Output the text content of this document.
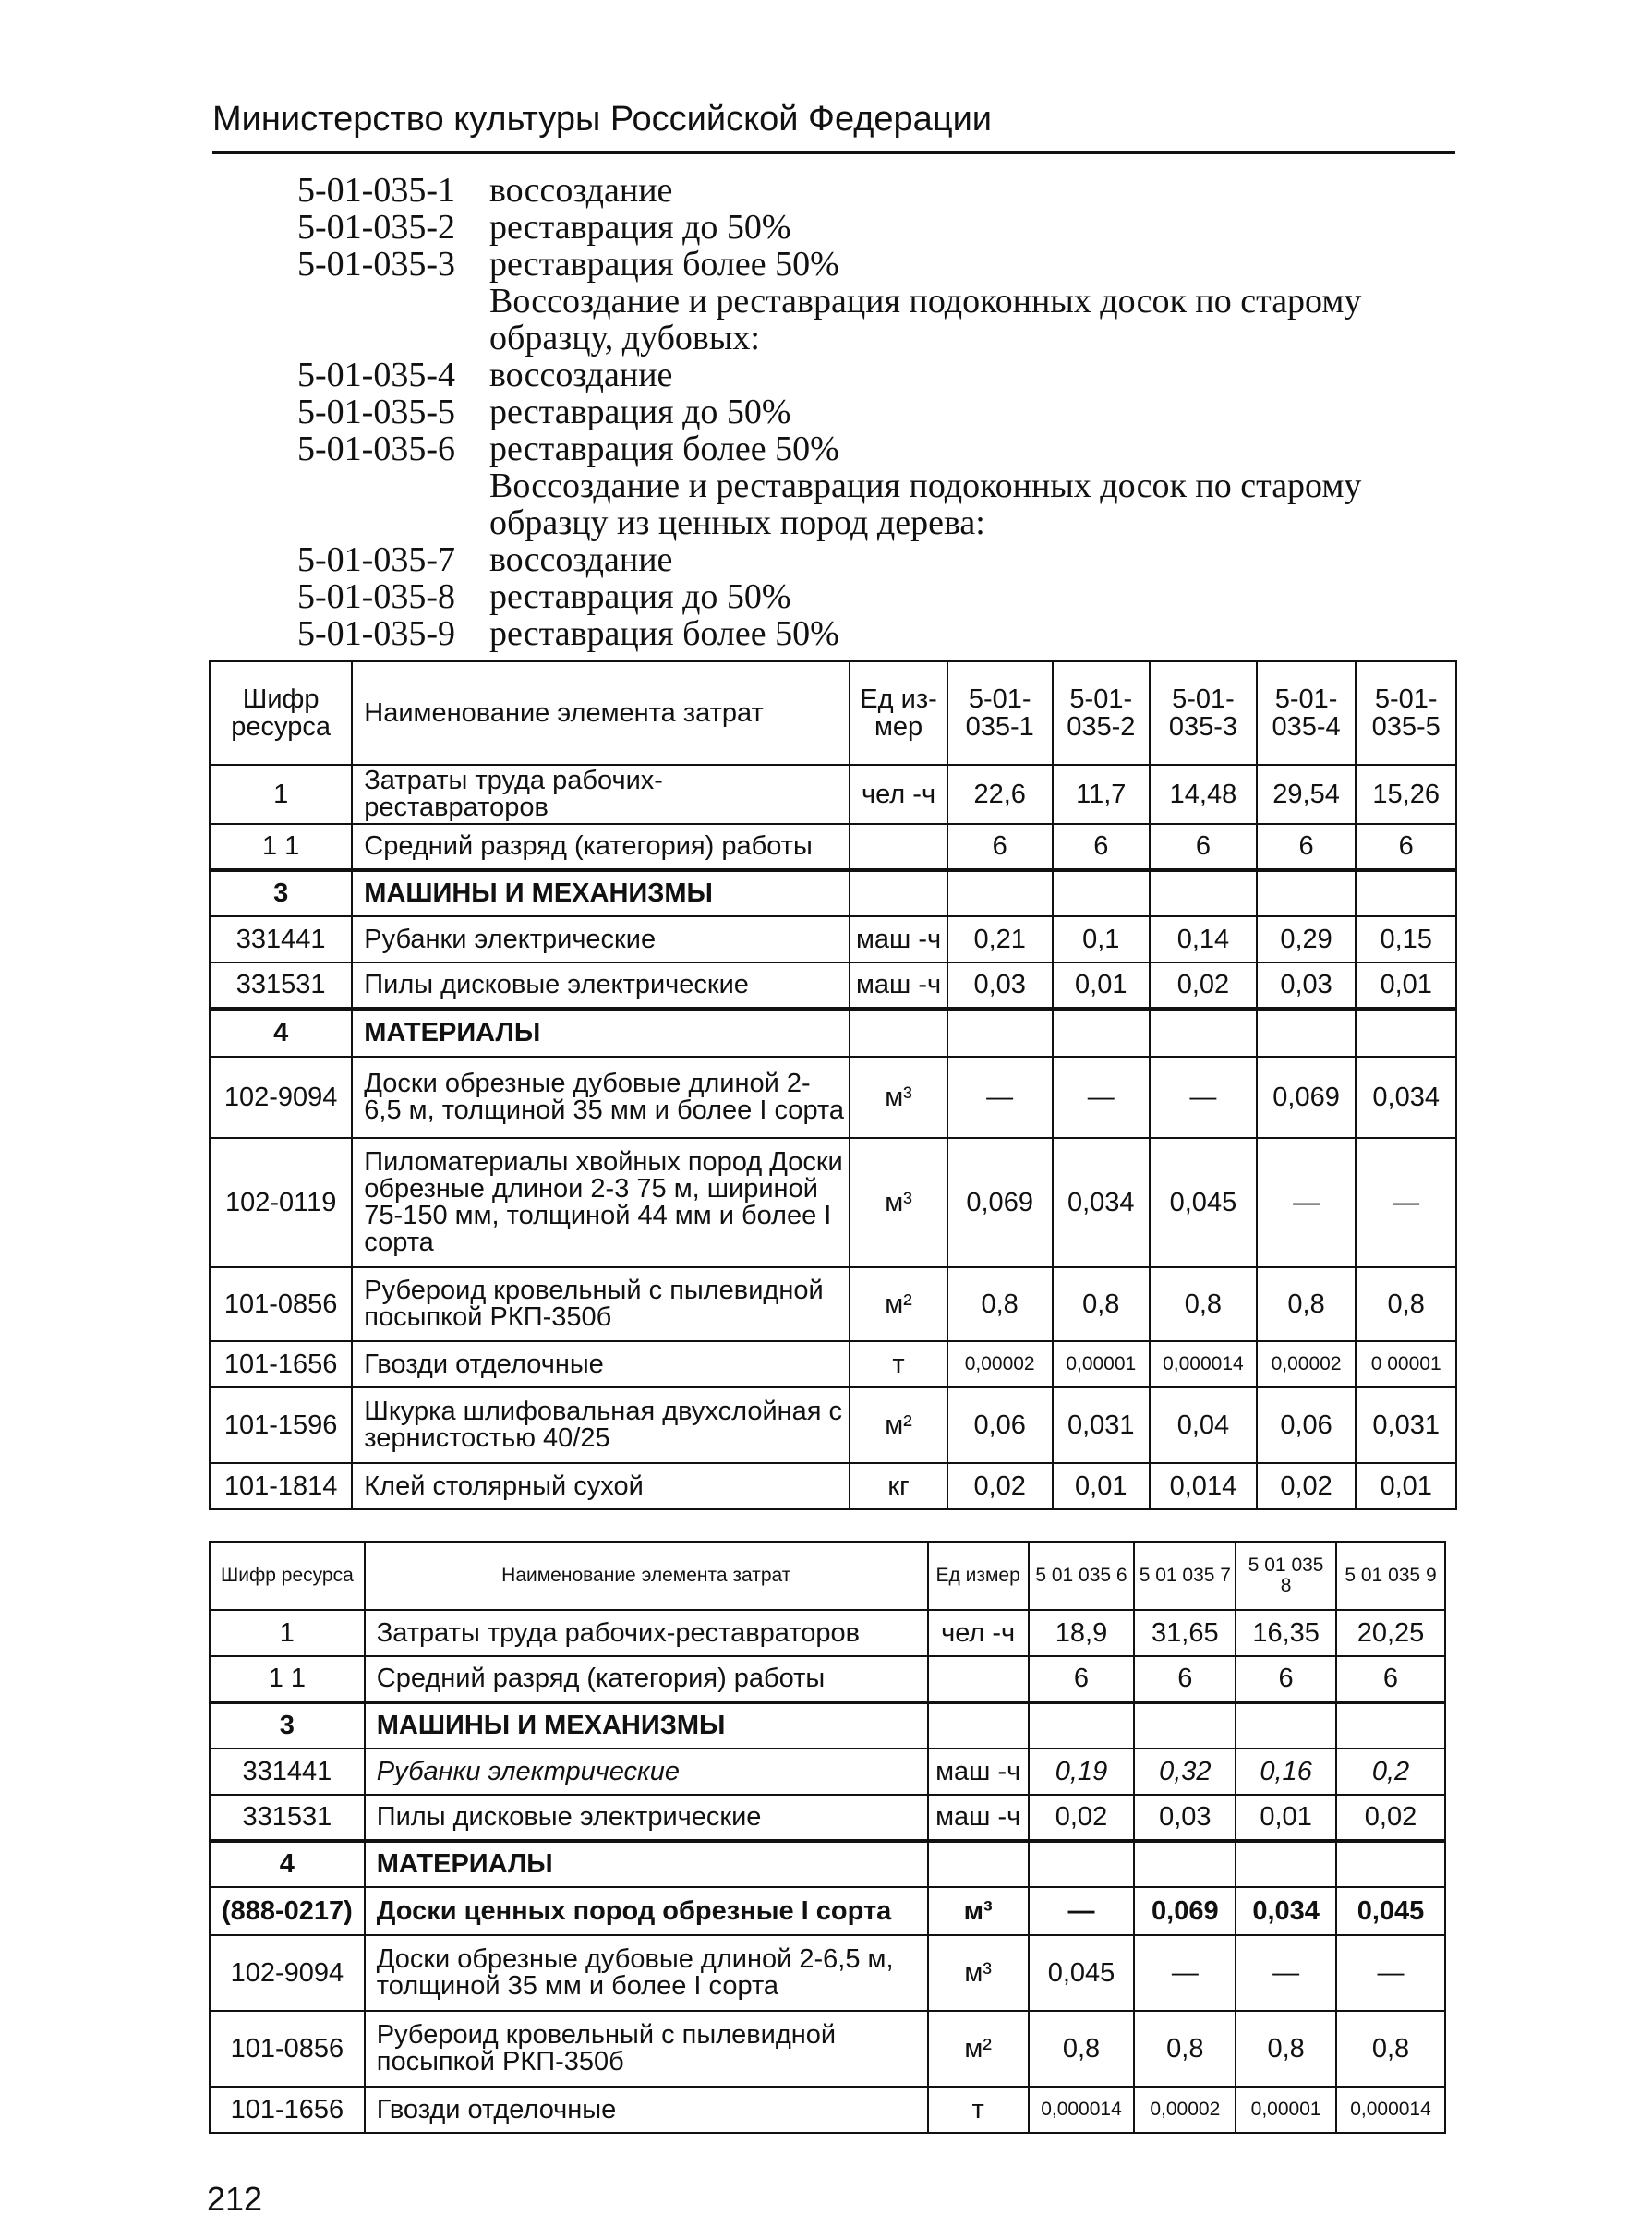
Министерство культуры Российской Федерации
5-01-035-1 воссоздание
5-01-035-2 реставрация до 50%
5-01-035-3 реставрация более 50%
Воссоздание и реставрация подоконных досок по старому образцу, дубовых:
5-01-035-4 воссоздание
5-01-035-5 реставрация до 50%
5-01-035-6 реставрация более 50%
Воссоздание и реставрация подоконных досок по старому образцу из ценных пород дерева:
5-01-035-7 воссоздание
5-01-035-8 реставрация до 50%
5-01-035-9 реставрация более 50%
Шифр ресурса	Наименование элемента затрат	Ед из-мер	5-01-035-1	5-01-035-2	5-01-035-3	5-01-035-4	5-01-035-5
1	Затраты труда рабочих-реставраторов	чел -ч	22,6	11,7	14,48	29,54	15,26
1 1	Средний разряд (категория) работы		6	6	6	6	6
3	МАШИНЫ И МЕХАНИЗМЫ						
331441	Рубанки электрические	маш -ч	0,21	0,1	0,14	0,29	0,15
331531	Пилы дисковые электрические	маш -ч	0,03	0,01	0,02	0,03	0,01
4	МАТЕРИАЛЫ						
102-9094	Доски обрезные дубовые длиной 2-6,5 м, толщиной 35 мм и более I сорта	м³	—	—	—	0,069	0,034
102-0119	Пиломатериалы хвойных пород Доски обрезные длинои 2-3 75 м, шириной 75-150 мм, толщиной 44 мм и более I сорта	м³	0,069	0,034	0,045	—	—
101-0856	Рубероид кровельный с пылевидной посыпкой РКП-350б	м²	0,8	0,8	0,8	0,8	0,8
101-1656	Гвозди отделочные	т	0,00002	0,00001	0,000014	0,00002	0 00001
101-1596	Шкурка шлифовальная двухслойная с зернистостью 40/25	м²	0,06	0,031	0,04	0,06	0,031
101-1814	Клей столярный сухой	кг	0,02	0,01	0,014	0,02	0,01
Шифр ресурса	Наименование элемента затрат	Ед измер	5 01 035 6	5 01 035 7	5 01 035 8	5 01 035 9
1	Затраты труда рабочих-реставраторов	чел -ч	18,9	31,65	16,35	20,25
1 1	Средний разряд (категория) работы		6	6	6	6
3	МАШИНЫ И МЕХАНИЗМЫ					
331441	Рубанки электрические	маш -ч	0,19	0,32	0,16	0,2
331531	Пилы дисковые электрические	маш -ч	0,02	0,03	0,01	0,02
4	МАТЕРИАЛЫ					
(888-0217)	Доски ценных пород обрезные I сорта	м³	—	0,069	0,034	0,045
102-9094	Доски обрезные дубовые длиной 2-6,5 м, толщиной 35 мм и более I сорта	м³	0,045	—	—	—
101-0856	Рубероид кровельный с пылевидной посыпкой РКП-350б	м²	0,8	0,8	0,8	0,8
101-1656	Гвозди отделочные	т	0,000014	0,00002	0,00001	0,000014
212
